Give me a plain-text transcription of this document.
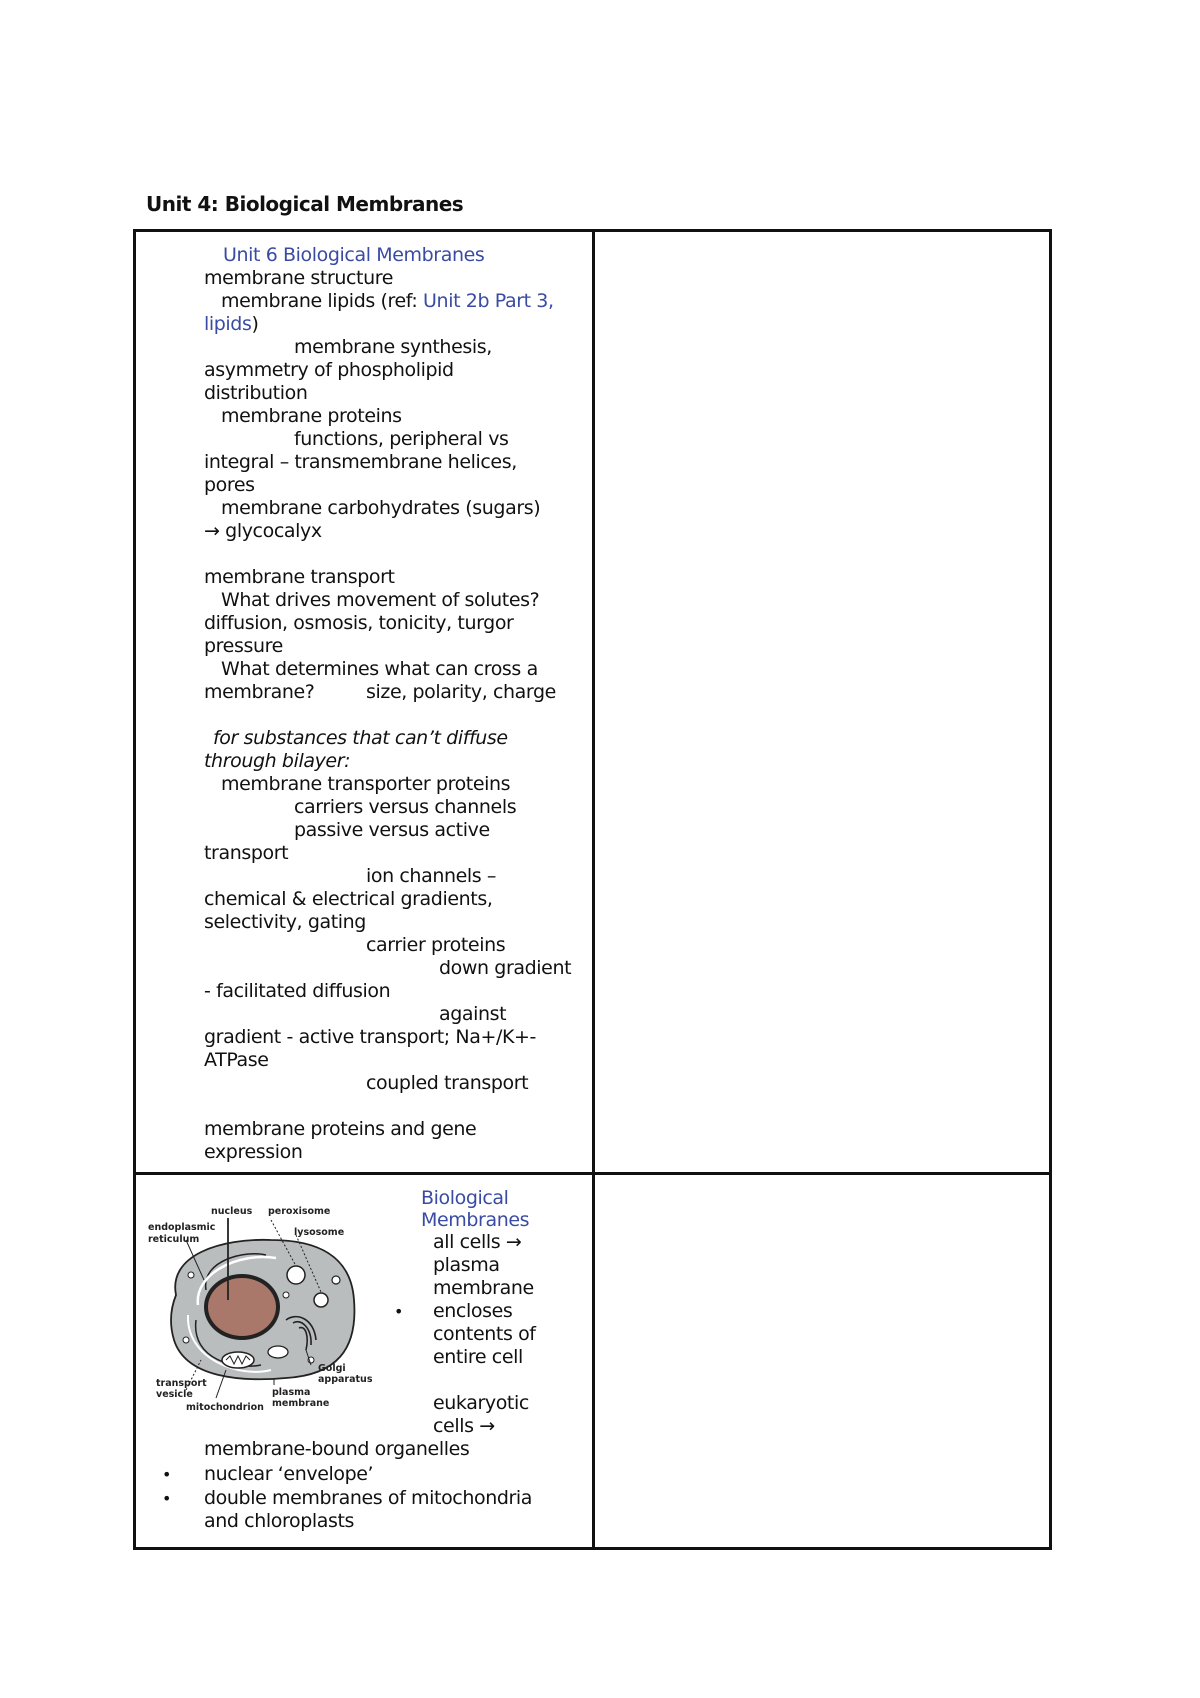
Unit 4: Biological Membranes
Unit 6 Biological Membranes
membrane structure
membrane lipids (ref: Unit 2b Part 3,
lipids)
membrane synthesis,
asymmetry of phospholipid
distribution
membrane proteins
functions, peripheral vs
integral – transmembrane helices,
pores
membrane carbohydrates (sugars)
→ glycocalyx
membrane transport
What drives movement of solutes?
diffusion, osmosis, tonicity, turgor
pressure
What determines what can cross a
membrane?	size, polarity, charge
for substances that can’t diffuse
through bilayer:
membrane transporter proteins
carriers versus channels
passive versus active
transport
ion channels –
chemical & electrical gradients,
selectivity, gating
carrier proteins
down gradient
- facilitated diffusion
against
gradient - active transport; Na+/K+-
ATPase
coupled transport
membrane proteins and gene
expression
nucleus peroxisome
endoplasmic
reticulum
lysosome
Golgi
apparatus
transport
vesicle	plasma
membrane
mitochondrion
Biological
Membranes
all cells →
plasma
membrane
• encloses
contents of
entire cell
eukaryotic
cells →
membrane-bound organelles
• nuclear ‘envelope’
• double membranes of mitochondria
and chloroplasts
